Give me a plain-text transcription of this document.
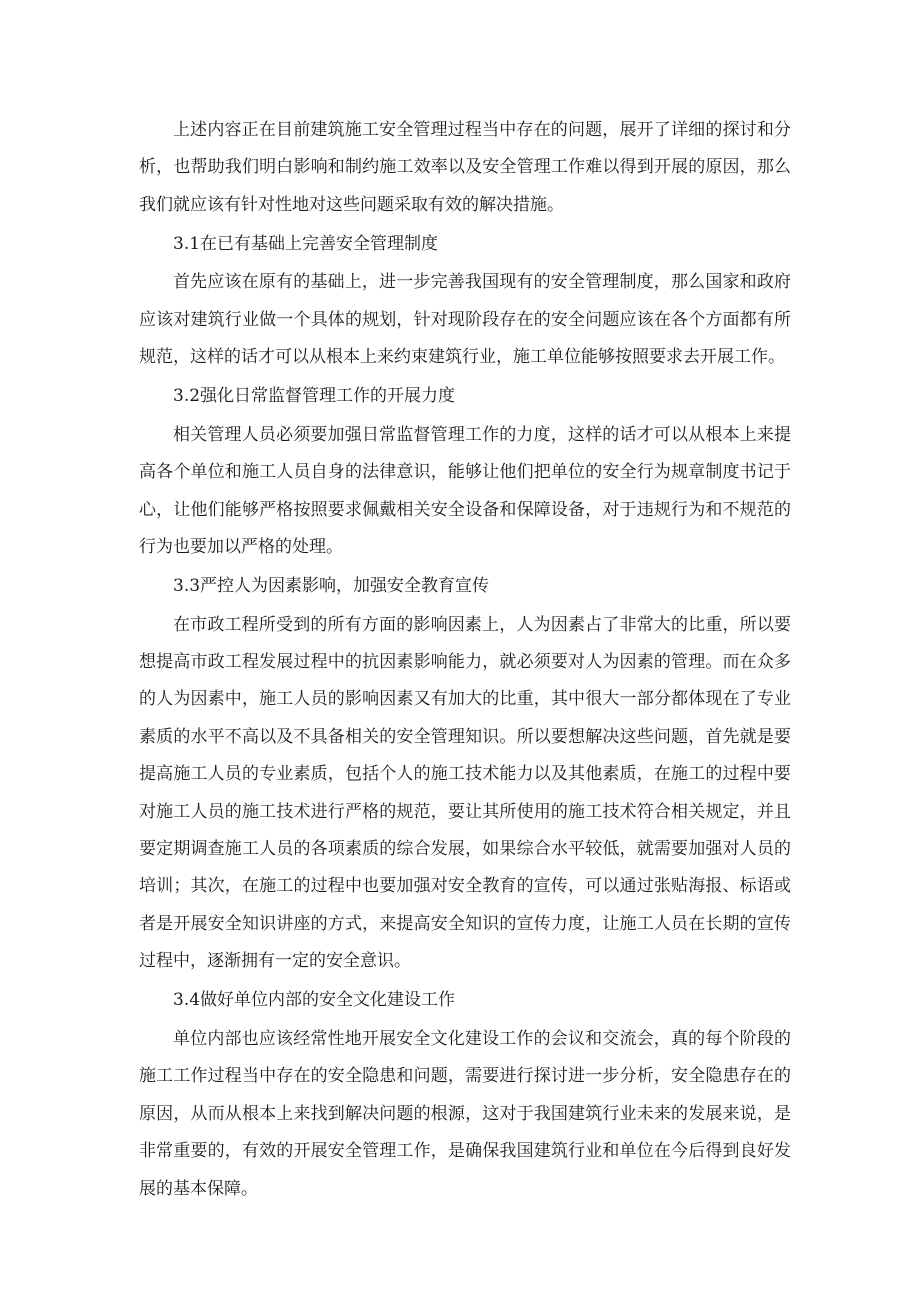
上述内容正在目前建筑施工安全管理过程当中存在的问题，展开了详细的探讨和分析，也帮助我们明白影响和制约施工效率以及安全管理工作难以得到开展的原因，那么我们就应该有针对性地对这些问题采取有效的解决措施。

3.1在已有基础上完善安全管理制度

首先应该在原有的基础上，进一步完善我国现有的安全管理制度，那么国家和政府应该对建筑行业做一个具体的规划，针对现阶段存在的安全问题应该在各个方面都有所规范，这样的话才可以从根本上来约束建筑行业，施工单位能够按照要求去开展工作。

3.2强化日常监督管理工作的开展力度

相关管理人员必须要加强日常监督管理工作的力度，这样的话才可以从根本上来提高各个单位和施工人员自身的法律意识，能够让他们把单位的安全行为规章制度书记于心，让他们能够严格按照要求佩戴相关安全设备和保障设备，对于违规行为和不规范的行为也要加以严格的处理。

3.3严控人为因素影响，加强安全教育宣传

在市政工程所受到的所有方面的影响因素上，人为因素占了非常大的比重，所以要想提高市政工程发展过程中的抗因素影响能力，就必须要对人为因素的管理。而在众多的人为因素中，施工人员的影响因素又有加大的比重，其中很大一部分都体现在了专业素质的水平不高以及不具备相关的安全管理知识。所以要想解决这些问题，首先就是要提高施工人员的专业素质，包括个人的施工技术能力以及其他素质，在施工的过程中要对施工人员的施工技术进行严格的规范，要让其所使用的施工技术符合相关规定，并且要定期调查施工人员的各项素质的综合发展，如果综合水平较低，就需要加强对人员的培训；其次，在施工的过程中也要加强对安全教育的宣传，可以通过张贴海报、标语或者是开展安全知识讲座的方式，来提高安全知识的宣传力度，让施工人员在长期的宣传过程中，逐渐拥有一定的安全意识。

3.4做好单位内部的安全文化建设工作

单位内部也应该经常性地开展安全文化建设工作的会议和交流会，真的每个阶段的施工工作过程当中存在的安全隐患和问题，需要进行探讨进一步分析，安全隐患存在的原因，从而从根本上来找到解决问题的根源，这对于我国建筑行业未来的发展来说，是非常重要的，有效的开展安全管理工作，是确保我国建筑行业和单位在今后得到良好发展的基本保障。
